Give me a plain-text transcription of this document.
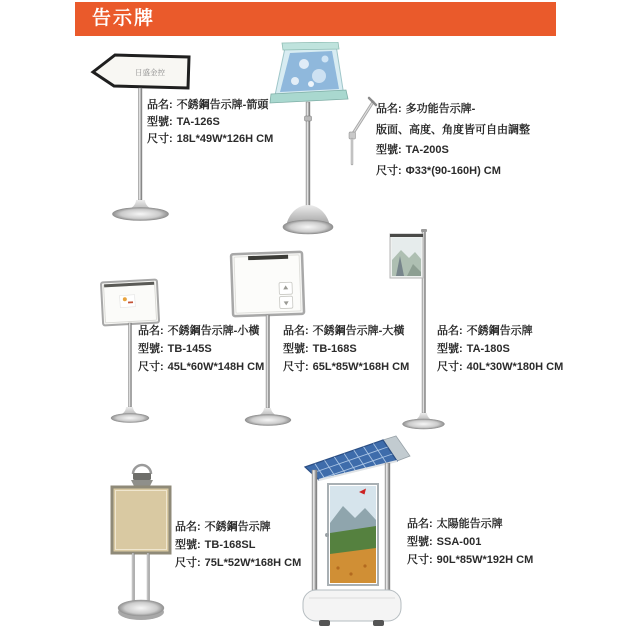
告示牌
日盛金控
品名: 不銹鋼告示牌-箭頭
型號: TA-126S
尺寸: 18L*49W*126H CM
品名: 多功能告示牌-
版面、高度、角度皆可自由調整
型號: TA-200S
尺寸: Φ33*(90-160H) CM
品名: 不銹鋼告示牌-小橫
型號: TB-145S
尺寸: 45L*60W*148H CM
品名: 不銹鋼告示牌-大橫
型號: TB-168S
尺寸: 65L*85W*168H CM
品名: 不銹鋼告示牌
型號: TA-180S
尺寸: 40L*30W*180H CM
品名: 不銹鋼告示牌
型號: TB-168SL
尺寸: 75L*52W*168H CM
品名: 太陽能告示牌
型號: SSA-001
尺寸: 90L*85W*192H CM
